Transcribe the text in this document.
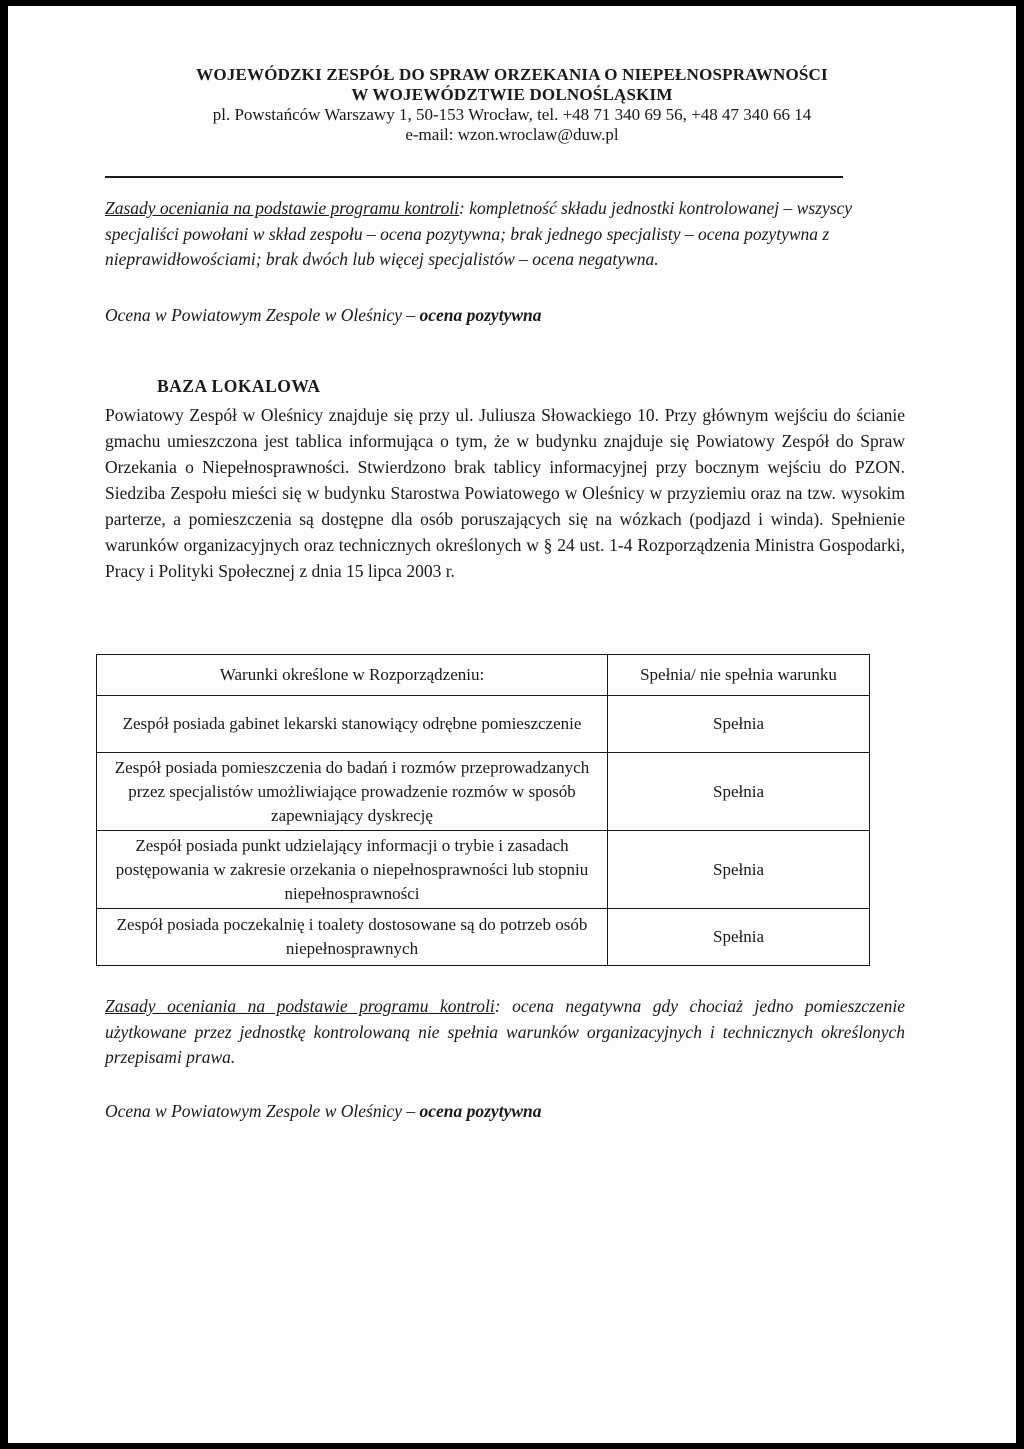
WOJEWÓDZKI ZESPÓŁ DO SPRAW ORZEKANIA O NIEPEŁNOSPRAWNOŚCI
W WOJEWÓDZTWIE DOLNOŚLĄSKIM
pl. Powstańców Warszawy 1, 50-153 Wrocław, tel. +48 71 340 69 56, +48 47 340 66 14
e-mail: wzon.wroclaw@duw.pl
Zasady oceniania na podstawie programu kontroli: kompletność składu jednostki kontrolowanej – wszyscy specjaliści powołani w skład zespołu – ocena pozytywna; brak jednego specjalisty – ocena pozytywna z nieprawidłowościami; brak dwóch lub więcej specjalistów – ocena negatywna.
Ocena w Powiatowym Zespole w Oleśnicy – ocena pozytywna
BAZA LOKALOWA
Powiatowy Zespół w Oleśnicy znajduje się przy ul. Juliusza Słowackiego 10. Przy głównym wejściu do ścianie gmachu umieszczona jest tablica informująca o tym, że w budynku znajduje się Powiatowy Zespół do Spraw Orzekania o Niepełnosprawności. Stwierdzono brak tablicy informacyjnej przy bocznym wejściu do PZON. Siedziba Zespołu mieści się w budynku Starostwa Powiatowego w Oleśnicy w przyziemiu oraz na tzw. wysokim parterze, a pomieszczenia są dostępne dla osób poruszających się na wózkach (podjazd i winda). Spełnienie warunków organizacyjnych oraz technicznych określonych w § 24 ust. 1-4 Rozporządzenia Ministra Gospodarki, Pracy i Polityki Społecznej z dnia 15 lipca 2003 r.
Warunki określone w Rozporządzeniu:	Spełnia/ nie spełnia warunku
Zespół posiada gabinet lekarski stanowiący odrębne pomieszczenie	Spełnia
Zespół posiada pomieszczenia do badań i rozmów przeprowadzanych przez specjalistów umożliwiające prowadzenie rozmów w sposób zapewniający dyskrecję	Spełnia
Zespół posiada punkt udzielający informacji o trybie i zasadach postępowania w zakresie orzekania o niepełnosprawności lub stopniu niepełnosprawności	Spełnia
Zespół posiada poczekalnię i toalety dostosowane są do potrzeb osób niepełnosprawnych	Spełnia
Zasady oceniania na podstawie programu kontroli: ocena negatywna gdy chociaż jedno pomieszczenie użytkowane przez jednostkę kontrolowaną nie spełnia warunków organizacyjnych i technicznych określonych przepisami prawa.
Ocena w Powiatowym Zespole w Oleśnicy – ocena pozytywna
